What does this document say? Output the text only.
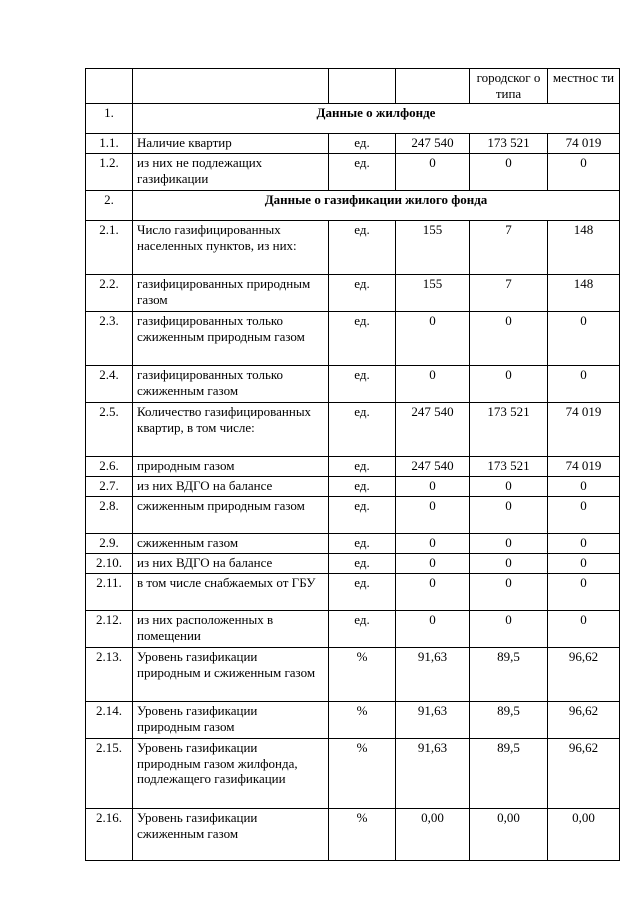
				городског о типа	местнос ти
1.	Данные о жилфонде				
1.1.	Наличие квартир	ед.	247 540	173 521	74 019
1.2.	из них не подлежащих газификации	ед.	0	0	0
2.	Данные о газификации жилого фонда				
2.1.	Число газифицированных населенных пунктов, из них:	ед.	155	7	148
2.2.	газифицированных природным газом	ед.	155	7	148
2.3.	газифицированных только сжиженным природным газом	ед.	0	0	0
2.4.	газифицированных только сжиженным газом	ед.	0	0	0
2.5.	Количество газифицированных квартир, в том числе:	ед.	247 540	173 521	74 019
2.6.	природным газом	ед.	247 540	173 521	74 019
2.7.	из них ВДГО на балансе	ед.	0	0	0
2.8.	сжиженным природным газом	ед.	0	0	0
2.9.	сжиженным газом	ед.	0	0	0
2.10.	из них ВДГО на балансе	ед.	0	0	0
2.11.	в том числе снабжаемых от ГБУ	ед.	0	0	0
2.12.	из них расположенных в помещении	ед.	0	0	0
2.13.	Уровень газификации природным и сжиженным газом	%	91,63	89,5	96,62
2.14.	Уровень газификации природным газом	%	91,63	89,5	96,62
2.15.	Уровень газификации природным газом жилфонда, подлежащего газификации	%	91,63	89,5	96,62
2.16.	Уровень газификации сжиженным газом	%	0,00	0,00	0,00
